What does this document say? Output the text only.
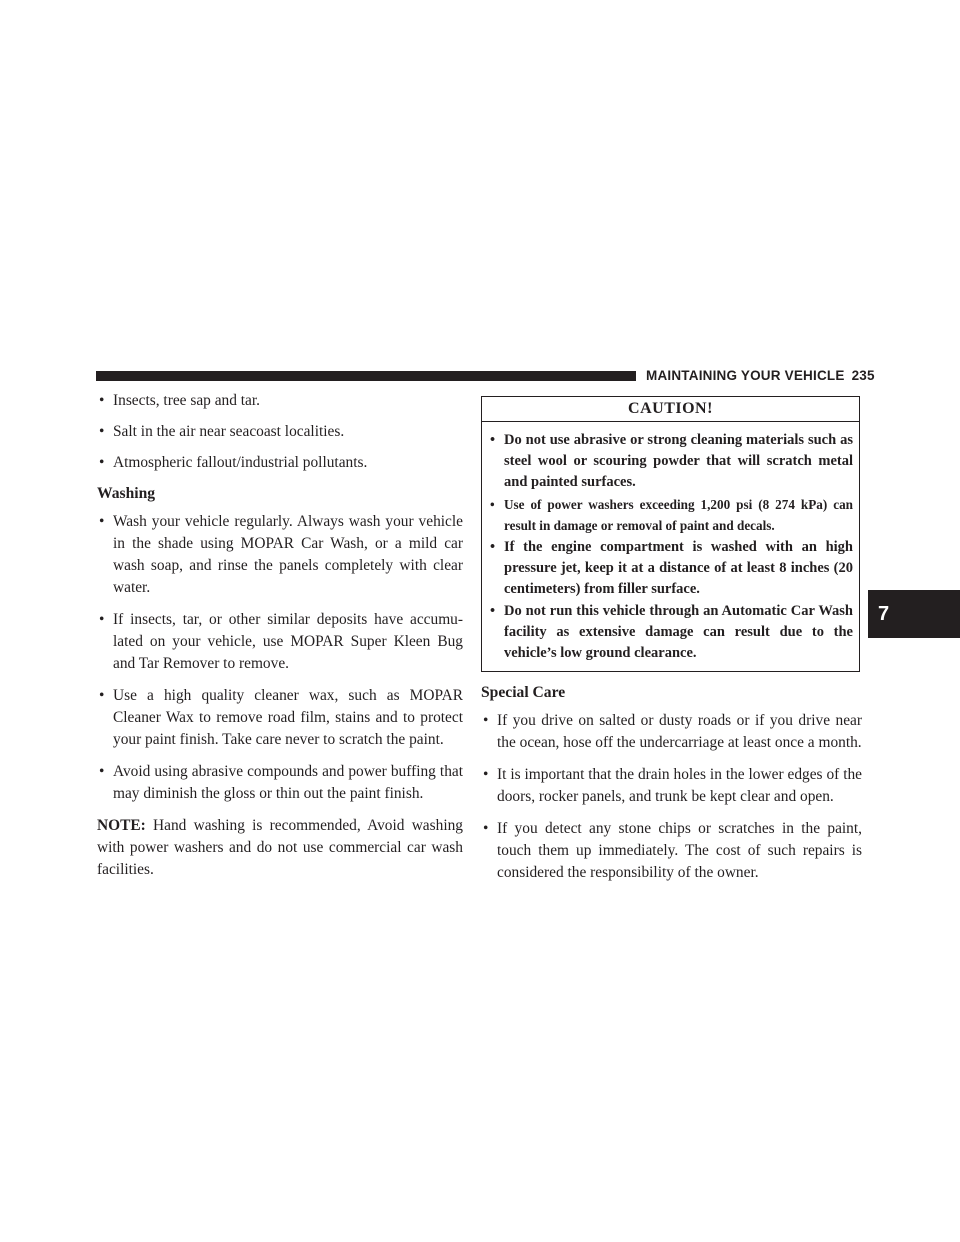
MAINTAINING YOUR VEHICLE 235
7
• Insects, tree sap and tar.
• Salt in the air near seacoast localities.
• Atmospheric fallout/industrial pollutants.
Washing
• Wash your vehicle regularly. Always wash your vehicle in the shade using MOPAR Car Wash, or a mild car wash soap, and rinse the panels completely with clear water.
• If insects, tar, or other similar deposits have accumu-lated on your vehicle, use MOPAR Super Kleen Bug and Tar Remover to remove.
• Use a high quality cleaner wax, such as MOPAR Cleaner Wax to remove road film, stains and to protect your paint finish. Take care never to scratch the paint.
• Avoid using abrasive compounds and power buffing that may diminish the gloss or thin out the paint finish.

NOTE: Hand washing is recommended, Avoid washing with power washers and do not use commercial car wash facilities.

CAUTION!
• Do not use abrasive or strong cleaning materials such as steel wool or scouring powder that will scratch metal and painted surfaces.
• Use of power washers exceeding 1,200 psi (8 274 kPa) can result in damage or removal of paint and decals.
• If the engine compartment is washed with an high pressure jet, keep it at a distance of at least 8 inches (20 centimeters) from filler surface.
• Do not run this vehicle through an Automatic Car Wash facility as extensive damage can result due to the vehicle’s low ground clearance.
Special Care
• If you drive on salted or dusty roads or if you drive near the ocean, hose off the undercarriage at least once a month.
• It is important that the drain holes in the lower edges of the doors, rocker panels, and trunk be kept clear and open.
• If you detect any stone chips or scratches in the paint, touch them up immediately. The cost of such repairs is considered the responsibility of the owner.
